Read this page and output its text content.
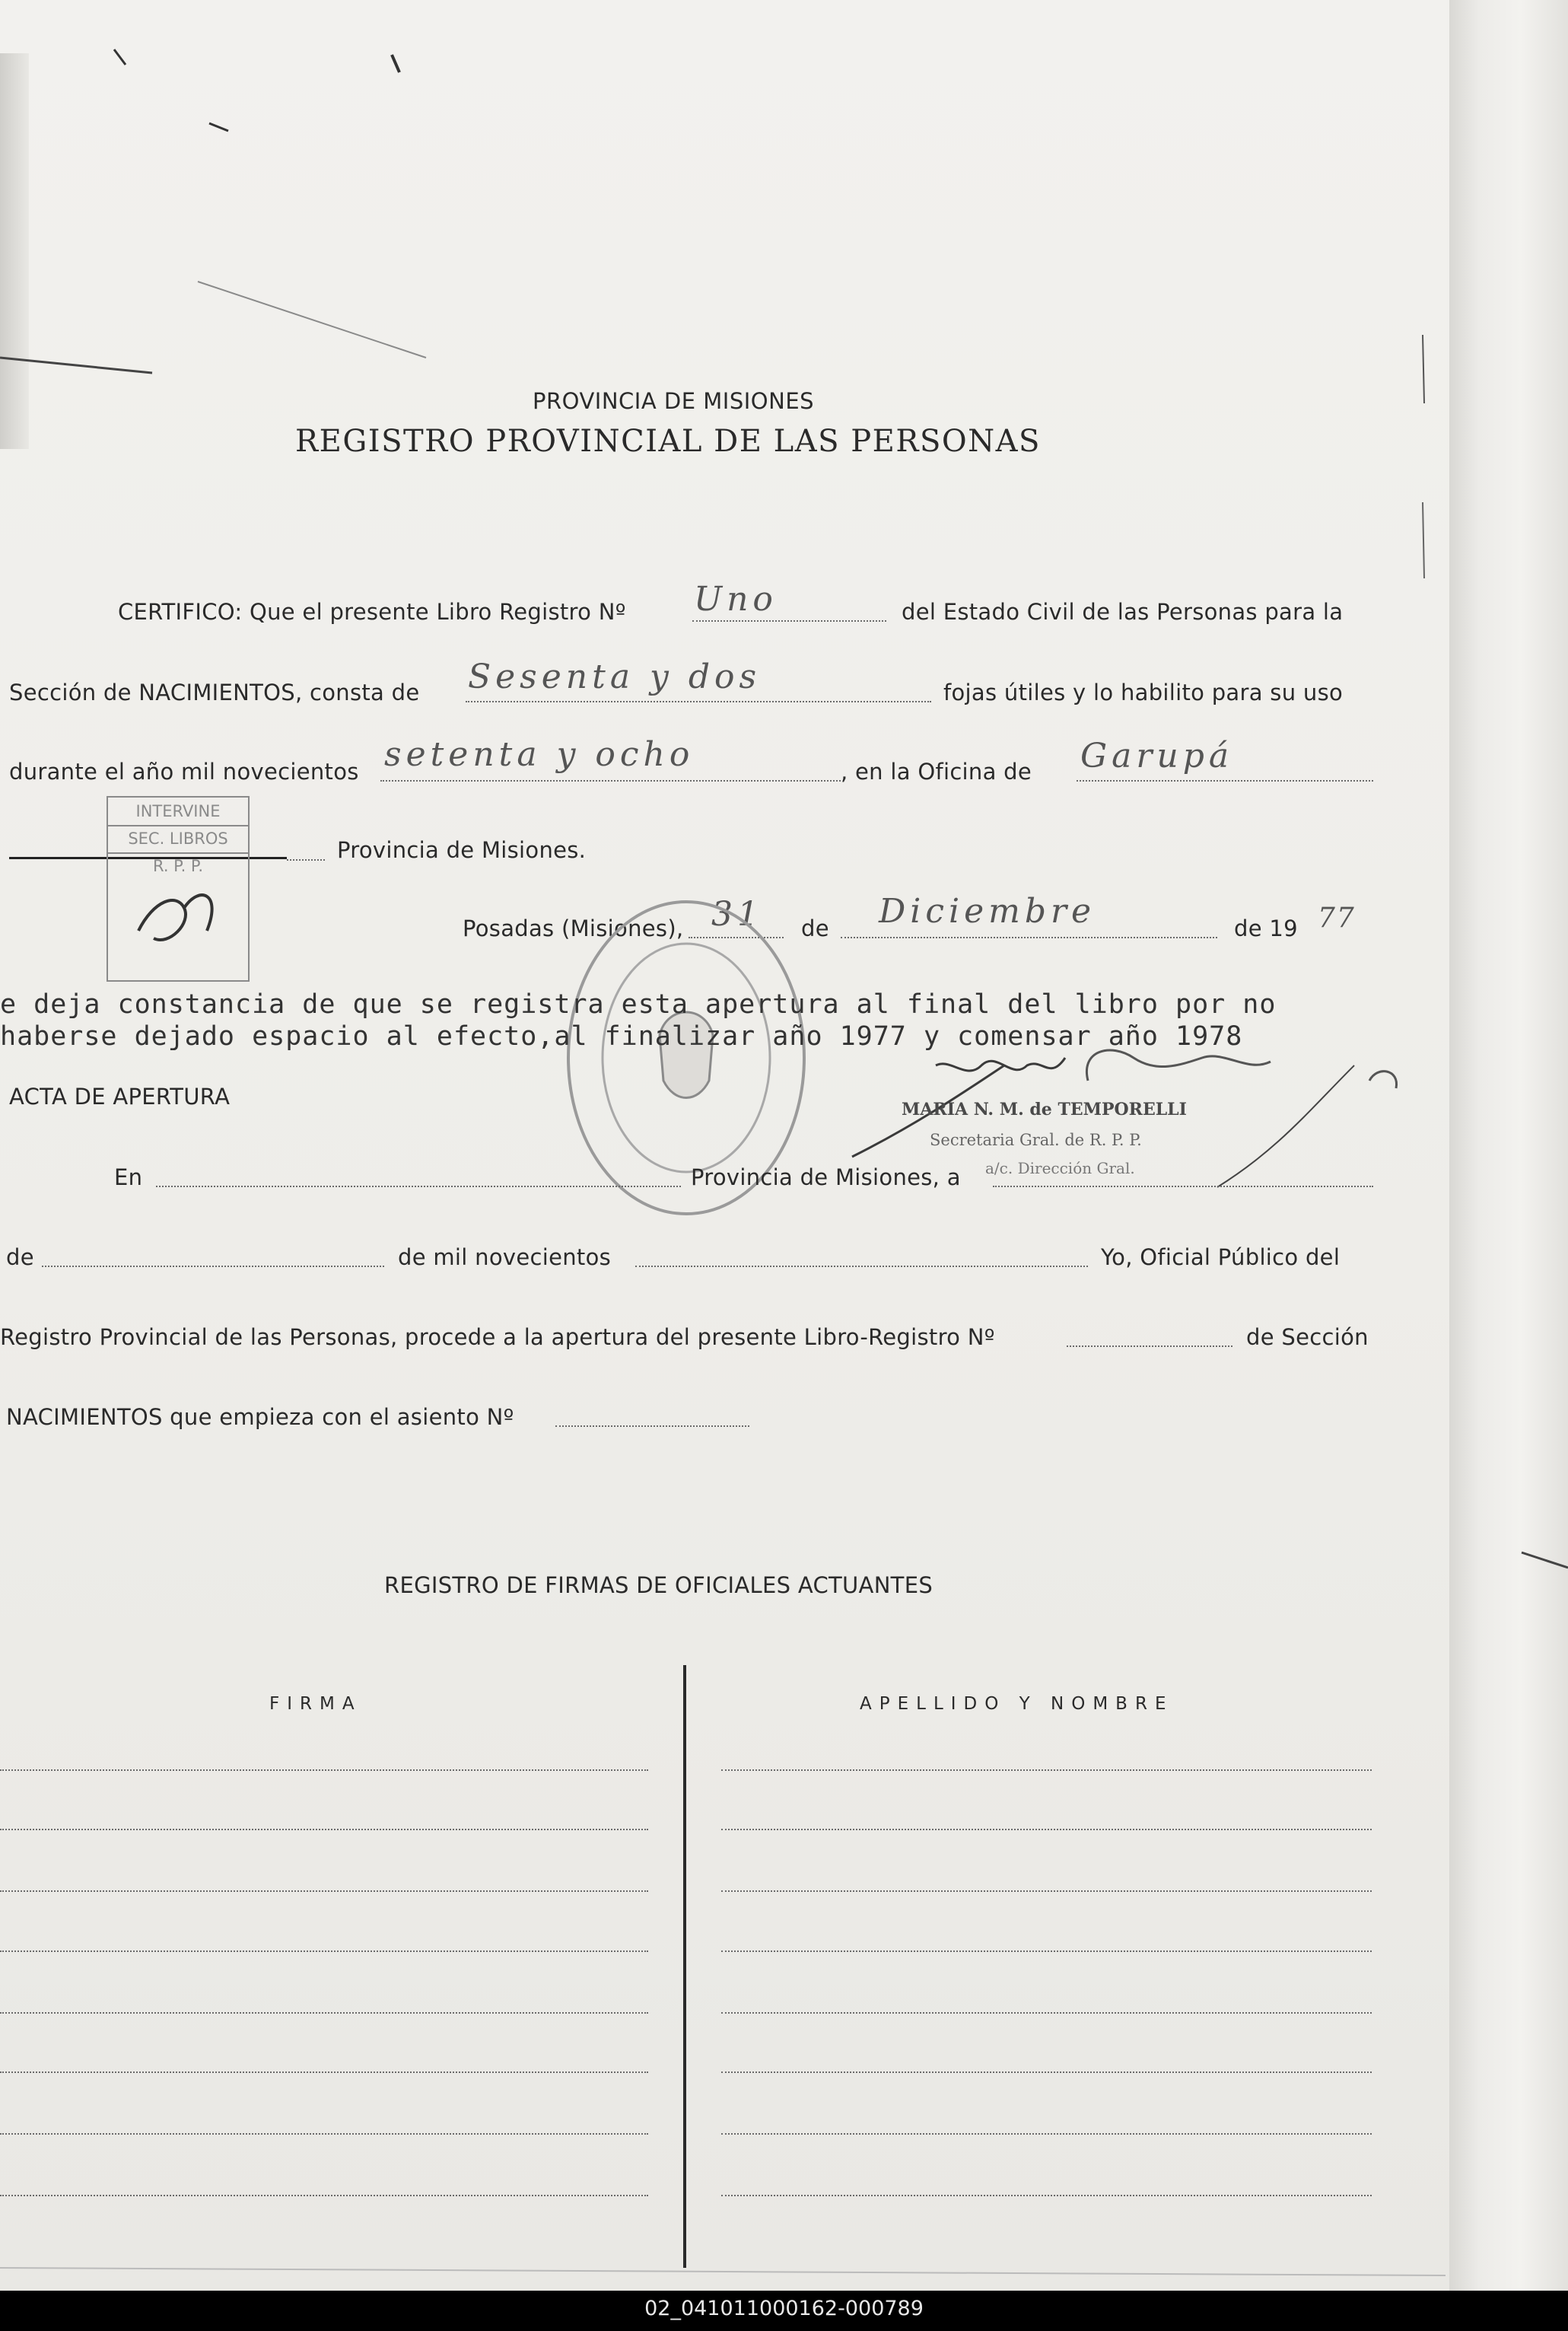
PROVINCIA DE MISIONES
REGISTRO PROVINCIAL DE LAS PERSONAS
CERTIFICO: Que el presente Libro Registro Nº Uno	del Estado Civil de las Personas para la
Sección de NACIMIENTOS, consta de Sesenta y dos	fojas útiles y lo habilito para su uso
durante el año mil novecientos setenta y ocho	, en la Oficina de Garupá
Provincia de Misiones.
INTERVINE
SEC. LIBROS
R. P. P.
Posadas (Misiones), 31 de Diciembre	de 19 77
e deja constancia de que se registra esta apertura al final del libro por no
haberse dejado espacio al efecto,al finalizar año 1977 y comensar año 1978
ACTA DE APERTURA	MARIA N. M. de TEMPORELLI
Secretaria Gral. de R. P. P.
a/c. Dirección Gral.
En	Provincia de Misiones, a
de	de mil novecientos	Yo, Oficial Público del
Registro Provincial de las Personas, procede a la apertura del presente Libro-Registro Nº	de Sección
NACIMIENTOS que empieza con el asiento Nº
REGISTRO DE FIRMAS DE OFICIALES ACTUANTES
FIRMA	APELLIDO Y NOMBRE
02_041011000162-000789
